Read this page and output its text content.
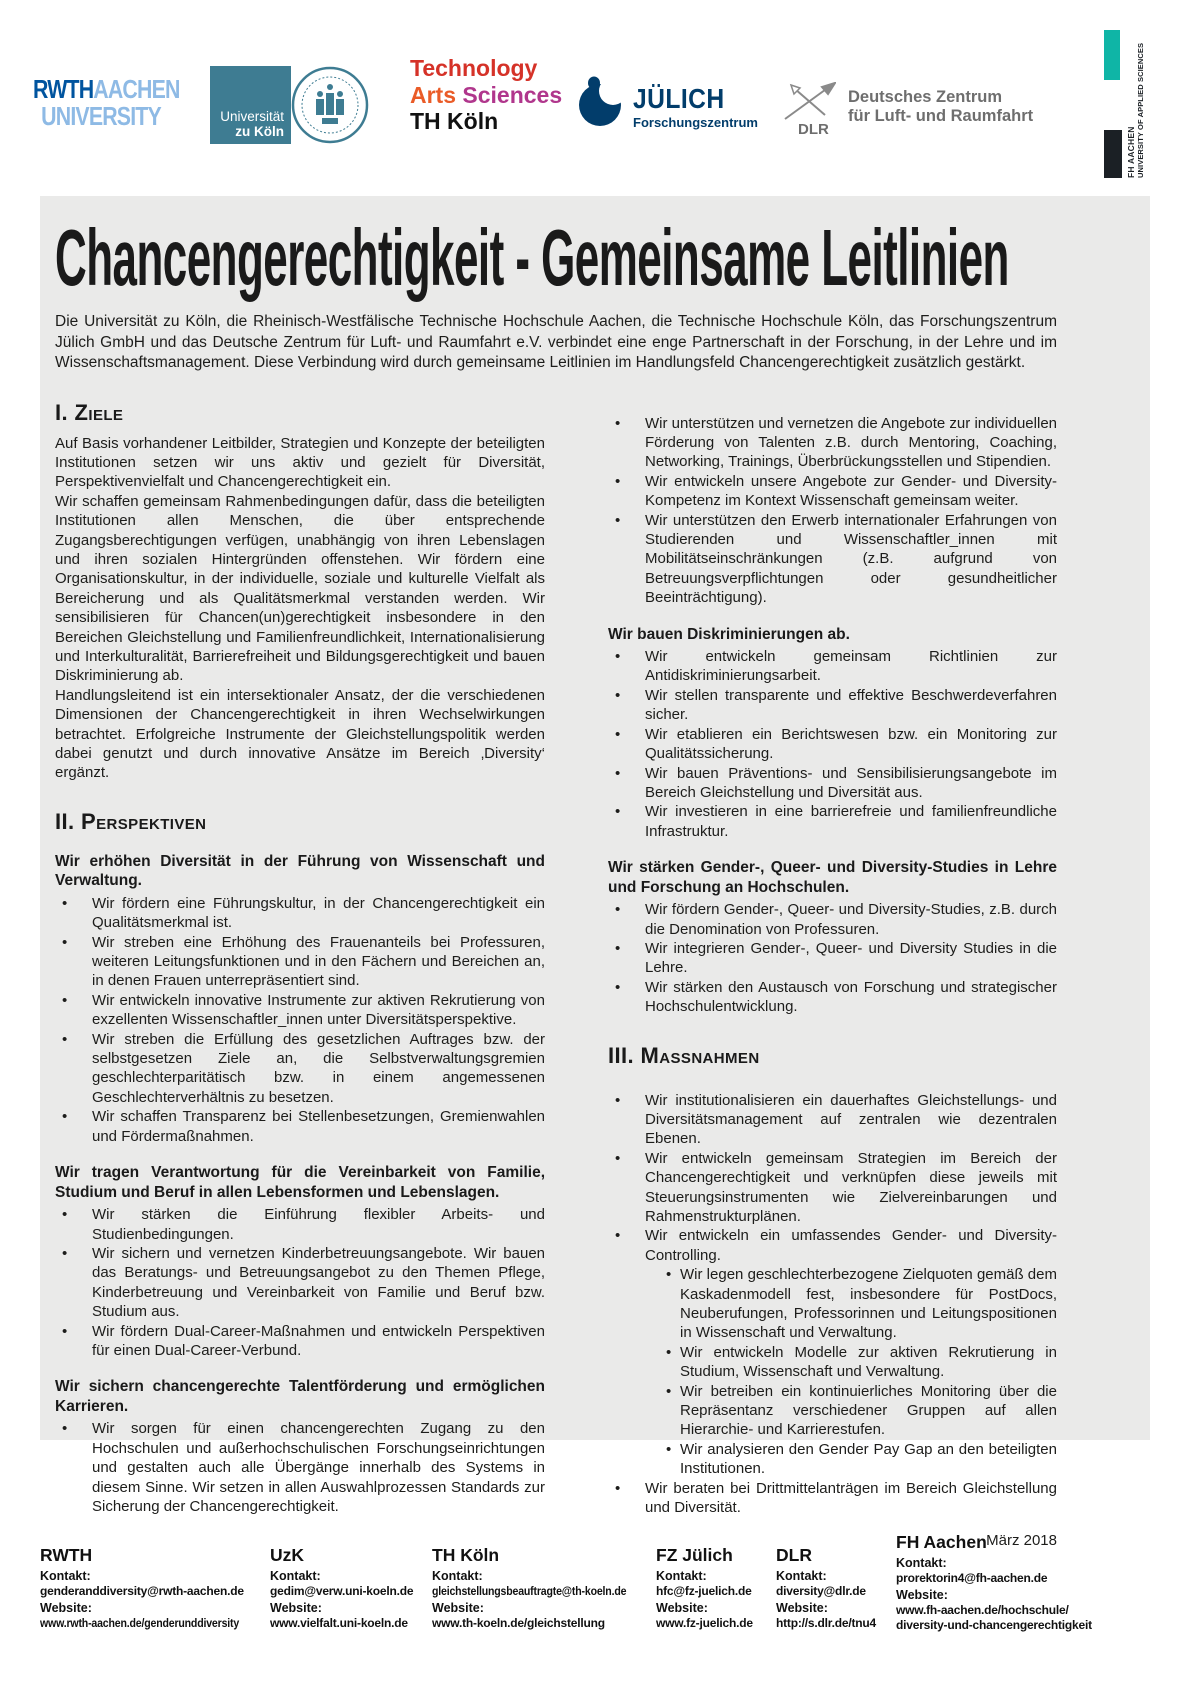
RWTHAACHEN
UNIVERSITY	Universität
zu Köln
Technology
Arts Sciences
TH Köln
JÜLICH
Forschungszentrum	DLR
Deutsches Zentrum
für Luft- und Raumfahrt
FH AACHEN UNIVERSITY OF APPLIED SCIENCES
Chancengerechtigkeit - Gemeinsame Leitlinien

Die Universität zu Köln, die Rheinisch-Westfälische Technische Hochschule Aachen, die Technische Hochschule Köln, das Forschungszentrum Jülich GmbH und das Deutsche Zentrum für Luft- und Raumfahrt e.V. verbindet eine enge Partnerschaft in der Forschung, in der Lehre und im Wissenschaftsmanagement. Diese Verbindung wird durch gemeinsame Leitlinien im Handlungsfeld Chancengerechtigkeit zusätzlich gestärkt.

I. Ziele

Auf Basis vorhandener Leitbilder, Strategien und Konzepte der beteiligten Institutionen setzen wir uns aktiv und gezielt für Diversität, Perspektivenvielfalt und Chancengerechtigkeit ein.

Wir schaffen gemeinsam Rahmenbedingungen dafür, dass die beteiligten Institutionen allen Menschen, die über entsprechende Zugangsberechtigungen verfügen, unabhängig von ihren Lebenslagen und ihren sozialen Hintergründen offenstehen. Wir fördern eine Organisationskultur, in der individuelle, soziale und kulturelle Vielfalt als Bereicherung und als Qualitätsmerkmal verstanden werden. Wir sensibilisieren für Chancen(un)gerechtigkeit insbesondere in den Bereichen Gleichstellung und Familienfreundlichkeit, Internationalisierung und Interkulturalität, Barrierefreiheit und Bildungsgerechtigkeit und bauen Diskriminierung ab.

Handlungsleitend ist ein intersektionaler Ansatz, der die verschiedenen Dimensionen der Chancengerechtigkeit in ihren Wechselwirkungen betrachtet. Erfolgreiche Instrumente der Gleichstellungspolitik werden dabei genutzt und durch innovative Ansätze im Bereich ‚Diversity‘ ergänzt.

II. Perspektiven
Wir erhöhen Diversität in der Führung von Wissenschaft und Verwaltung.
• Wir fördern eine Führungskultur, in der Chancengerechtigkeit ein Qualitätsmerkmal ist.
• Wir streben eine Erhöhung des Frauenanteils bei Professuren, weiteren Leitungsfunktionen und in den Fächern und Bereichen an, in denen Frauen unterrepräsentiert sind.
• Wir entwickeln innovative Instrumente zur aktiven Rekrutierung von exzellenten Wissenschaftler_innen unter Diversitätsperspektive.
• Wir streben die Erfüllung des gesetzlichen Auftrages bzw. der selbstgesetzen Ziele an, die Selbstverwaltungsgremien geschlechterparitätisch bzw. in einem angemessenen Geschlechterverhältnis zu besetzen.
• Wir schaffen Transparenz bei Stellenbesetzungen, Gremienwahlen und Fördermaßnahmen.
Wir tragen Verantwortung für die Vereinbarkeit von Familie, Studium und Beruf in allen Lebensformen und Lebenslagen.
• Wir stärken die Einführung flexibler Arbeits- und Studienbedingungen.
• Wir sichern und vernetzen Kinderbetreuungsangebote. Wir bauen das Beratungs- und Betreuungsangebot zu den Themen Pflege, Kinderbetreuung und Vereinbarkeit von Familie und Beruf bzw. Studium aus.
• Wir fördern Dual-Career-Maßnahmen und entwickeln Perspektiven für einen Dual-Career-Verbund.
Wir sichern chancengerechte Talentförderung und ermöglichen Karrieren.
• Wir sorgen für einen chancengerechten Zugang zu den Hochschulen und außerhochschulischen Forschungseinrichtungen und gestalten auch alle Übergänge innerhalb des Systems in diesem Sinne. Wir setzen in allen Auswahlprozessen Standards zur Sicherung der Chancengerechtigkeit.
• Wir unterstützen und vernetzen die Angebote zur individuellen Förderung von Talenten z.B. durch Mentoring, Coaching, Networking, Trainings, Überbrückungsstellen und Stipendien.
• Wir entwickeln unsere Angebote zur Gender- und Diversity-Kompetenz im Kontext Wissenschaft gemeinsam weiter.
• Wir unterstützen den Erwerb internationaler Erfahrungen von Studierenden und Wissenschaftler_innen mit Mobilitätseinschränkungen (z.B. aufgrund von Betreuungsverpflichtungen oder gesundheitlicher Beeinträchtigung).
Wir bauen Diskriminierungen ab.
• Wir entwickeln gemeinsam Richtlinien zur Antidiskriminierungsarbeit.
• Wir stellen transparente und effektive Beschwerdeverfahren sicher.
• Wir etablieren ein Berichtswesen bzw. ein Monitoring zur Qualitätssicherung.
• Wir bauen Präventions- und Sensibilisierungsangebote im Bereich Gleichstellung und Diversität aus.
• Wir investieren in eine barrierefreie und familienfreundliche Infrastruktur.
Wir stärken Gender-, Queer- und Diversity-Studies in Lehre und Forschung an Hochschulen.
• Wir fördern Gender-, Queer- und Diversity-Studies, z.B. durch die Denomination von Professuren.
• Wir integrieren Gender-, Queer- und Diversity Studies in die Lehre.
• Wir stärken den Austausch von Forschung und strategischer Hochschulentwicklung.
III. Massnahmen
• Wir institutionalisieren ein dauerhaftes Gleichstellungs- und Diversitätsmanagement auf zentralen wie dezentralen Ebenen.
• Wir entwickeln gemeinsam Strategien im Bereich der Chancengerechtigkeit und verknüpfen diese jeweils mit Steuerungsinstrumenten wie Zielvereinbarungen und Rahmenstrukturplänen.
• Wir entwickeln ein umfassendes Gender- und Diversity-Controlling.
• Wir legen geschlechterbezogene Zielquoten gemäß dem Kaskadenmodell fest, insbesondere für PostDocs, Neuberufungen, Professorinnen und Leitungspositionen in Wissenschaft und Verwaltung.
• Wir entwickeln Modelle zur aktiven Rekrutierung in Studium, Wissenschaft und Verwaltung.
• Wir betreiben ein kontinuierliches Monitoring über die Repräsentanz verschiedener Gruppen auf allen Hierarchie- und Karrierestufen.
• Wir analysieren den Gender Pay Gap an den beteiligten Institutionen.
• Wir beraten bei Drittmittelanträgen im Bereich Gleichstellung und Diversität.
März 2018
RWTH
Kontakt:
genderanddiversity@rwth-aachen.de
Website:
www.rwth-aachen.de/genderunddiversity
UzK
Kontakt:
gedim@verw.uni-koeln.de
Website:
www.vielfalt.uni-koeln.de
TH Köln
Kontakt:
gleichstellungsbeauftragte@th-koeln.de
Website:
www.th-koeln.de/gleichstellung
FZ Jülich
Kontakt:
hfc@fz-juelich.de
Website:
www.fz-juelich.de
DLR
Kontakt:
diversity@dlr.de
Website:
http://s.dlr.de/tnu4
FH Aachen
Kontakt:
prorektorin4@fh-aachen.de
Website:
www.fh-aachen.de/hochschule/
diversity-und-chancengerechtigkeit
